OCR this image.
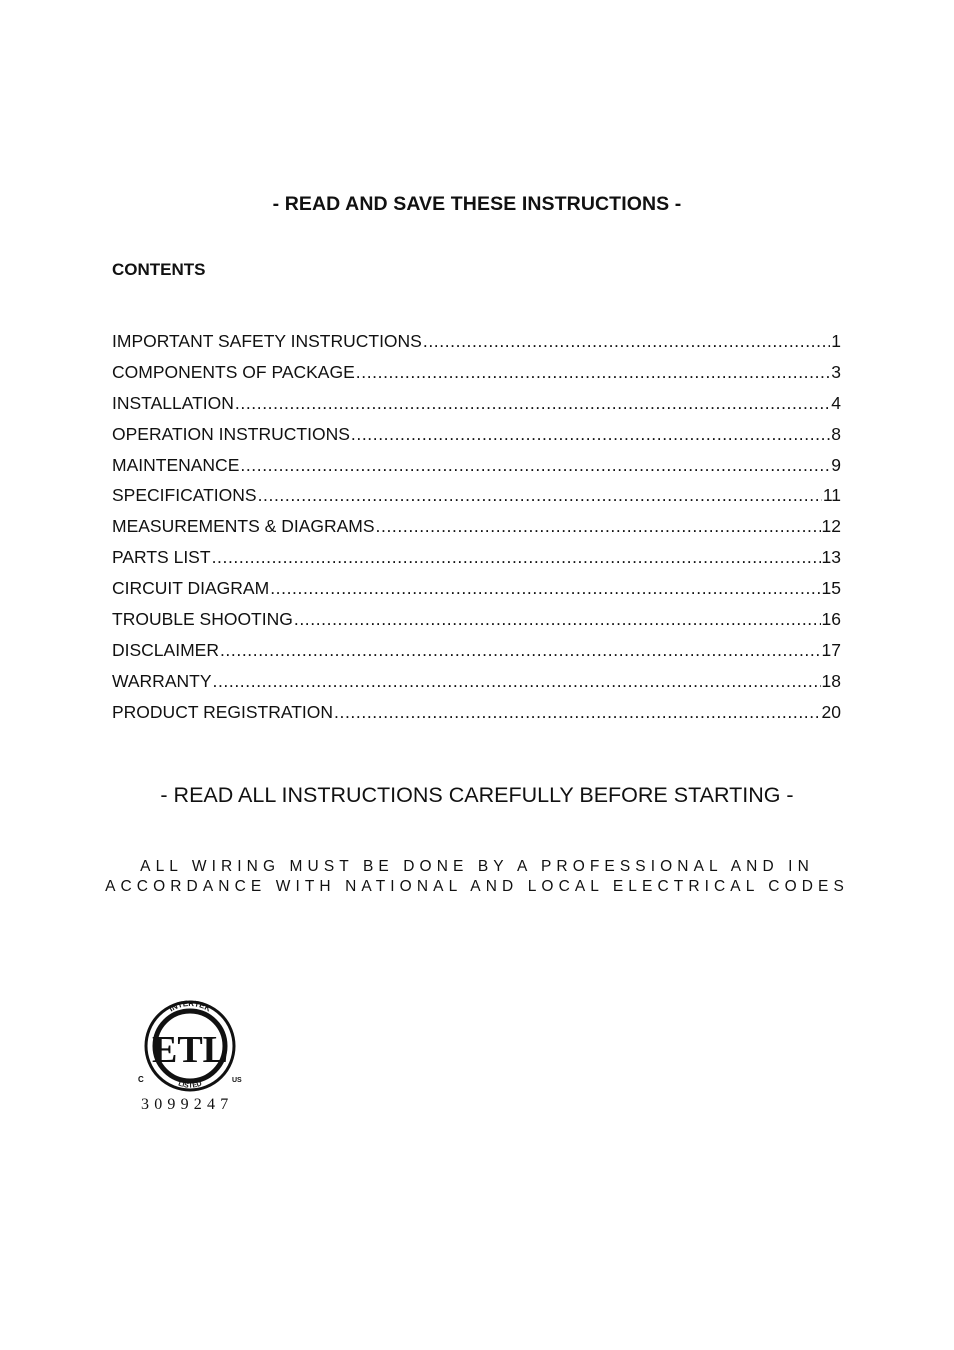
- READ AND SAVE THESE INSTRUCTIONS -
CONTENTS
IMPORTANT SAFETY INSTRUCTIONS .....	1
COMPONENTS OF PACKAGE .....	3
INSTALLATION .....	4
OPERATION INSTRUCTIONS .....	8
MAINTENANCE .....	9
SPECIFICATIONS .....	11
MEASUREMENTS & DIAGRAMS .....	12
PARTS LIST .....	13
CIRCUIT DIAGRAM .....	15
TROUBLE SHOOTING .....	16
DISCLAIMER .....	17
WARRANTY .....	18
PRODUCT REGISTRATION .....	20
- READ ALL INSTRUCTIONS CAREFULLY BEFORE STARTING -
ALL WIRING MUST BE DONE BY A PROFESSIONAL AND IN
ACCORDANCE WITH NATIONAL AND LOCAL ELECTRICAL CODES
INTERTEK
LISTED
ETL
C	US
3099247
